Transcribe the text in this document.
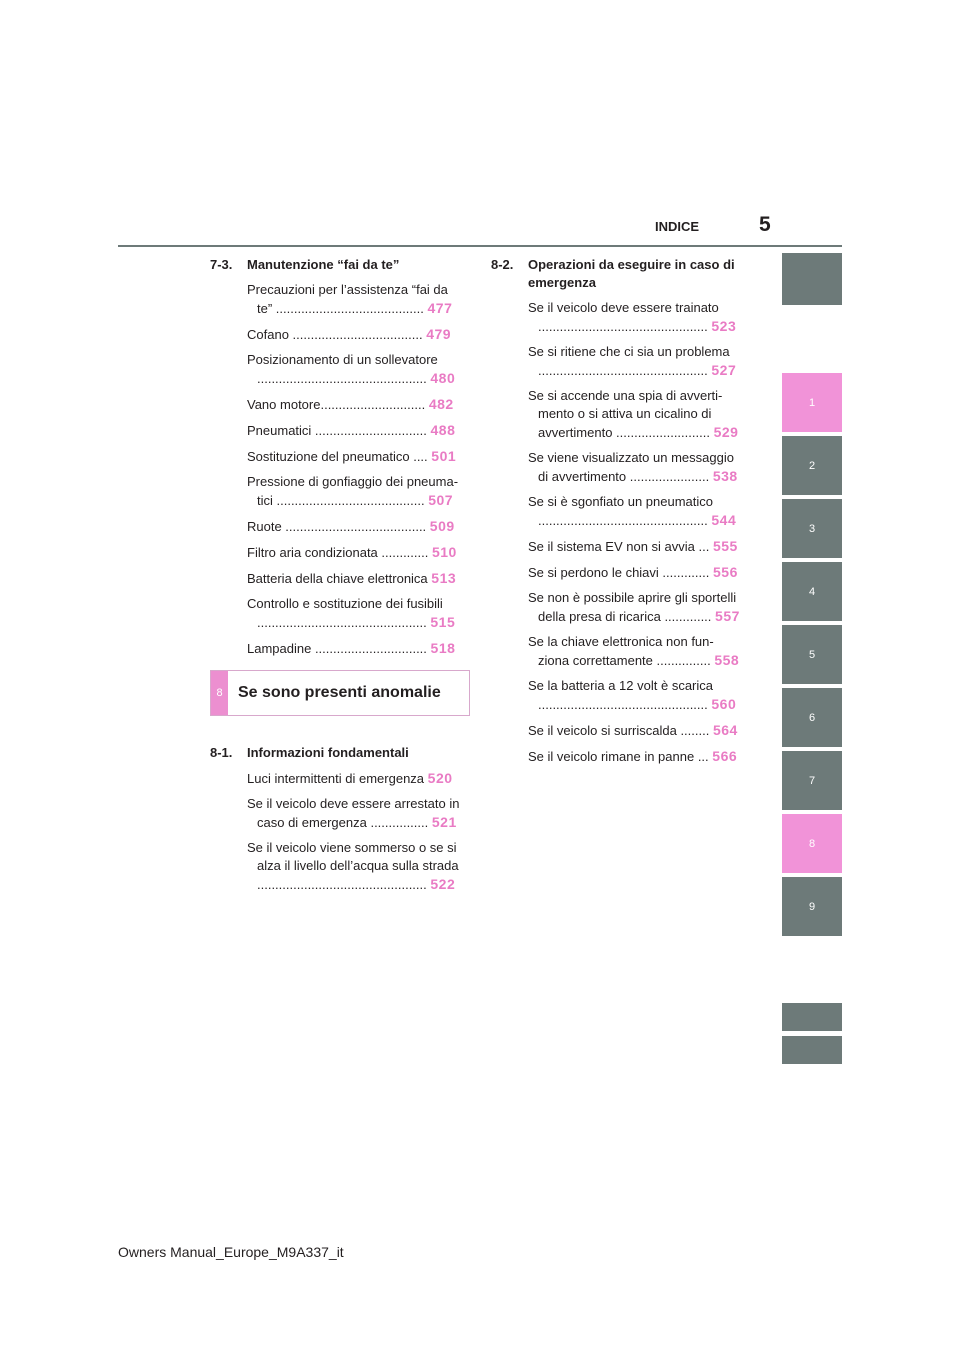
INDICE	5
7-3.	Manutenzione “fai da te”
Precauzioni per l’assistenza “fai da
te” ......................................... 477
Cofano .................................... 479
Posizionamento di un sollevatore
............................................... 480
Vano motore............................. 482
Pneumatici ............................... 488
Sostituzione del pneumatico .... 501
Pressione di gonfiaggio dei pneuma-
tici ......................................... 507
Ruote ....................................... 509
Filtro aria condizionata ............. 510
Batteria della chiave elettronica 513
Controllo e sostituzione dei fusibili
............................................... 515
Lampadine ............................... 518
8 Se sono presenti anomalie
8-1.	Informazioni fondamentali
Luci intermittenti di emergenza 520
Se il veicolo deve essere arrestato in
caso di emergenza ................ 521
Se il veicolo viene sommerso o se si
alza il livello dell’acqua sulla strada
............................................... 522
8-2.	Operazioni da eseguire in caso di emergenza
Se il veicolo deve essere trainato
............................................... 523
Se si ritiene che ci sia un problema
............................................... 527
Se si accende una spia di avverti-
mento o si attiva un cicalino di
avvertimento .......................... 529
Se viene visualizzato un messaggio
di avvertimento ...................... 538
Se si è sgonfiato un pneumatico
............................................... 544
Se il sistema EV non si avvia ... 555
Se si perdono le chiavi ............. 556
Se non è possibile aprire gli sportelli
della presa di ricarica ............. 557
Se la chiave elettronica non fun-
ziona correttamente ............... 558
Se la batteria a 12 volt è scarica
............................................... 560
Se il veicolo si surriscalda ........ 564
Se il veicolo rimane in panne ... 566
1
2
3
4
5
6
7
8
9
Owners Manual_Europe_M9A337_it
